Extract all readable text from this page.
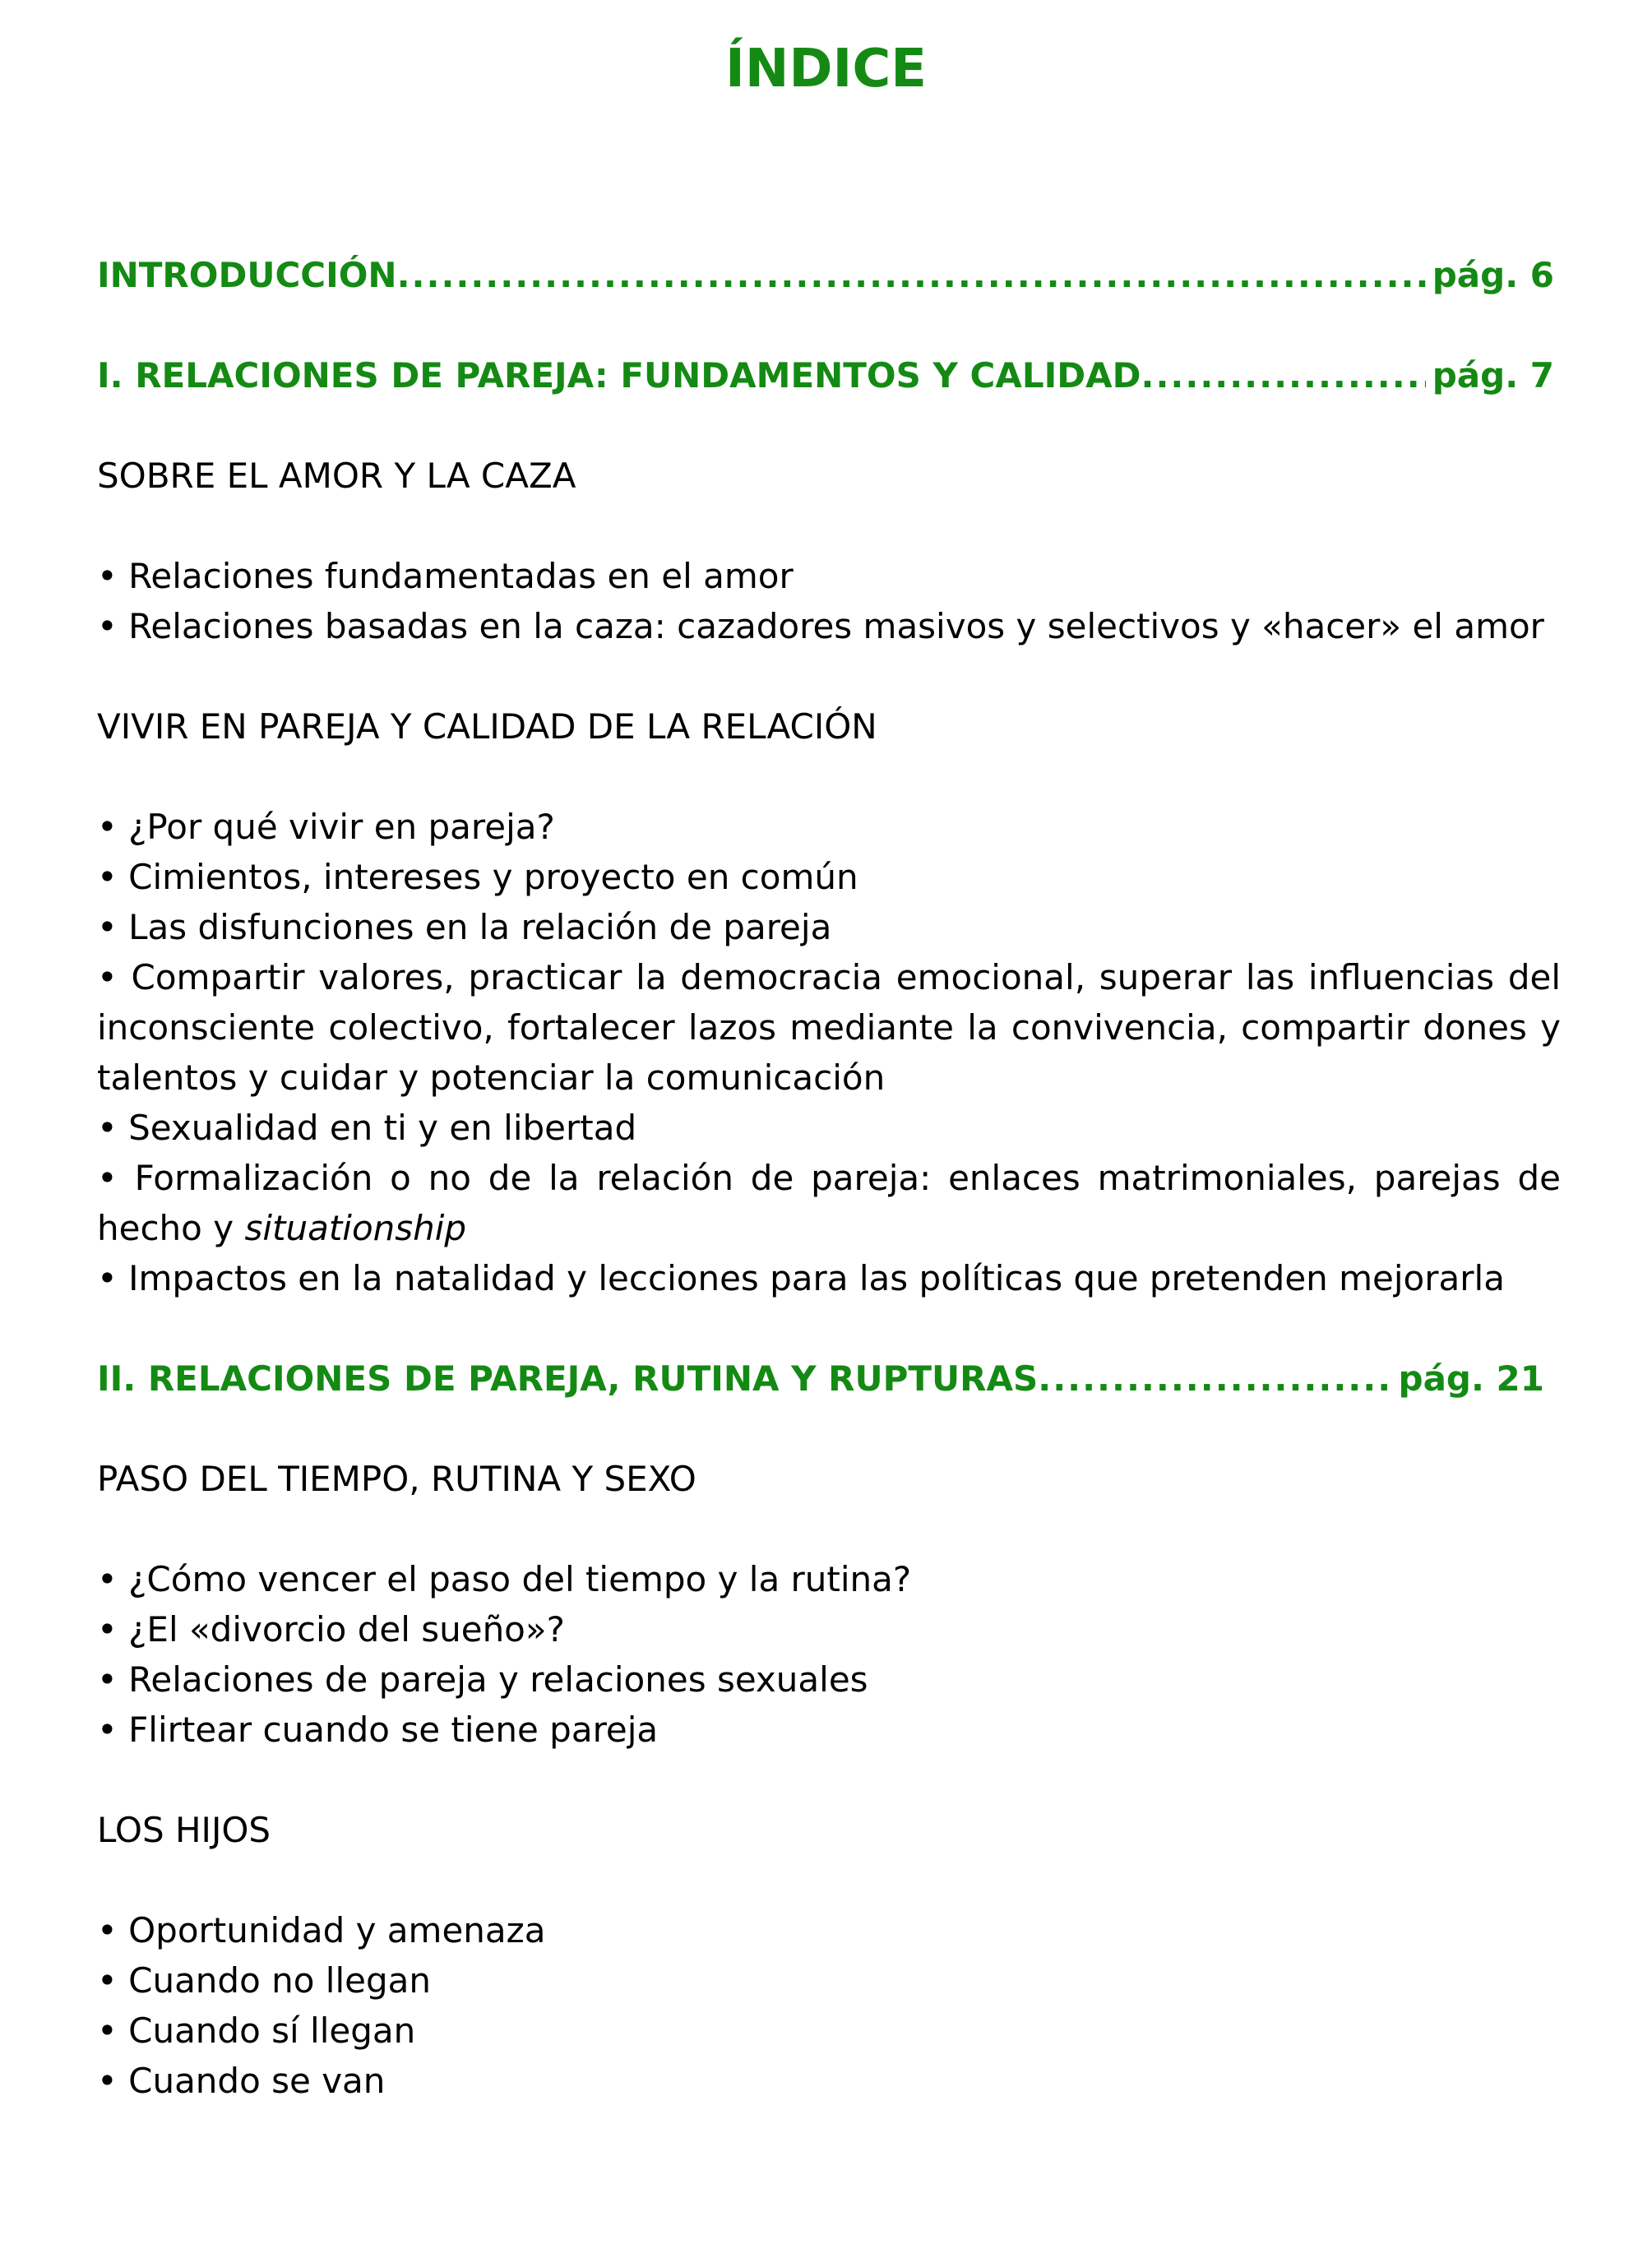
ÍNDICE
INTRODUCCIÓN .....	pág. 6
I. RELACIONES DE PAREJA: FUNDAMENTOS Y CALIDAD .....	pág. 7
SOBRE EL AMOR Y LA CAZA
• Relaciones fundamentadas en el amor
• Relaciones basadas en la caza: cazadores masivos y selectivos y «hacer» el amor
VIVIR EN PAREJA Y CALIDAD DE LA RELACIÓN
• ¿Por qué vivir en pareja?
• Cimientos, intereses y proyecto en común
• Las disfunciones en la relación de pareja
• Compartir valores, practicar la democracia emocional, superar las influencias del inconsciente colectivo, fortalecer lazos mediante la convivencia, compartir dones y talentos y cuidar y potenciar la comunicación
• Sexualidad en ti y en libertad
• Formalización o no de la relación de pareja: enlaces matrimoniales, parejas de hecho y situationship
• Impactos en la natalidad y lecciones para las políticas que pretenden mejorarla
II. RELACIONES DE PAREJA, RUTINA Y RUPTURAS .....	pág. 21
PASO DEL TIEMPO, RUTINA Y SEXO
• ¿Cómo vencer el paso del tiempo y la rutina?
• ¿El «divorcio del sueño»?
• Relaciones de pareja y relaciones sexuales
• Flirtear cuando se tiene pareja
LOS HIJOS
• Oportunidad y amenaza
• Cuando no llegan
• Cuando sí llegan
• Cuando se van
